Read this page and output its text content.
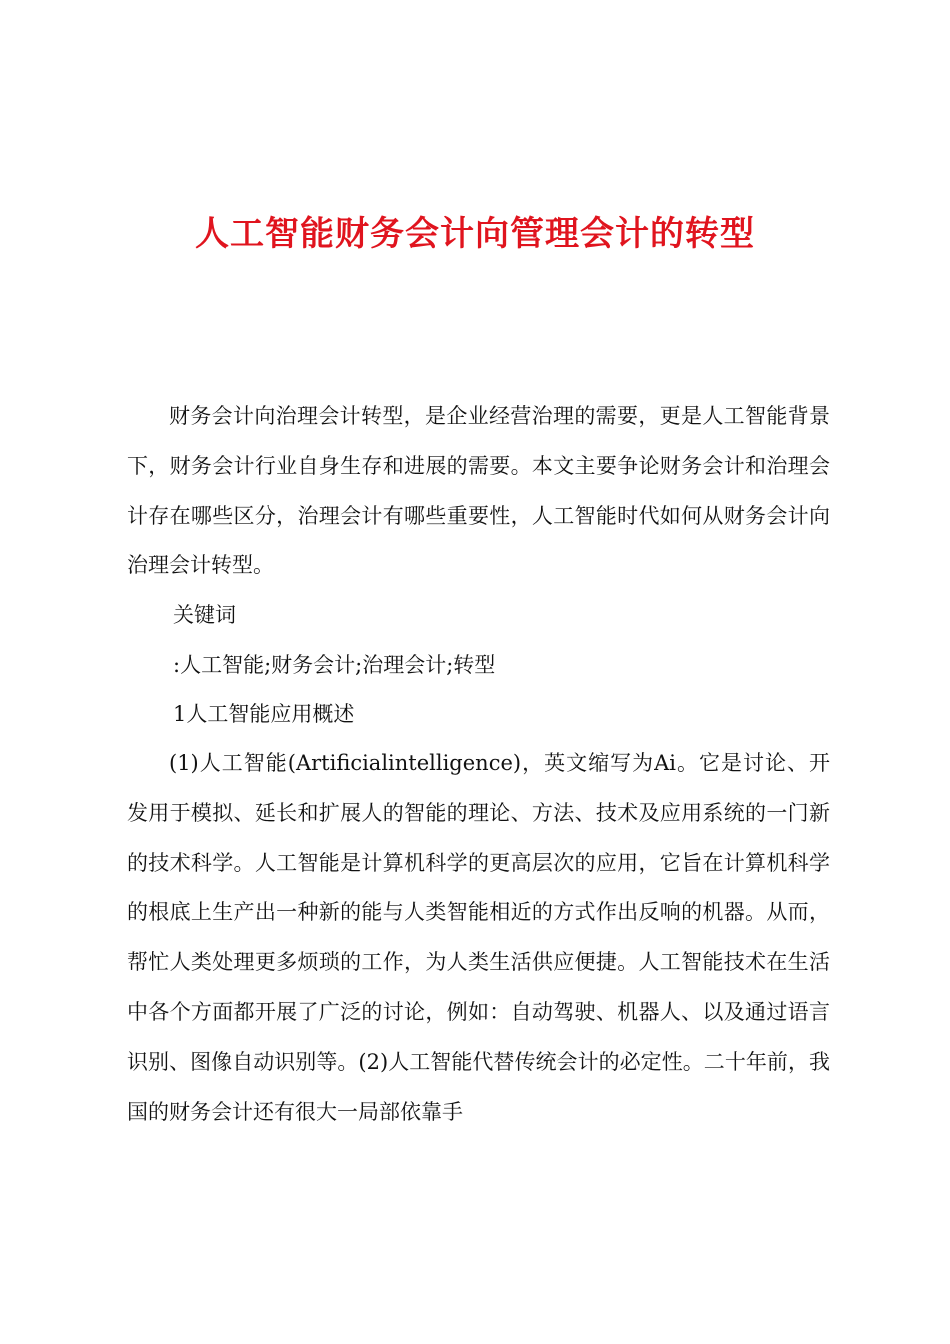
人工智能财务会计向管理会计的转型

财务会计向治理会计转型，是企业经营治理的需要，更是人工智能背景下，财务会计行业自身生存和进展的需要。本文主要争论财务会计和治理会计存在哪些区分，治理会计有哪些重要性，人工智能时代如何从财务会计向治理会计转型。

关键词

:人工智能;财务会计;治理会计;转型

1人工智能应用概述

(1)人工智能(Artificialintelligence)，英文缩写为Ai。它是讨论、开发用于模拟、延长和扩展人的智能的理论、方法、技术及应用系统的一门新的技术科学。人工智能是计算机科学的更高层次的应用，它旨在计算机科学的根底上生产出一种新的能与人类智能相近的方式作出反响的机器。从而，帮忙人类处理更多烦琐的工作，为人类生活供应便捷。人工智能技术在生活中各个方面都开展了广泛的讨论，例如：自动驾驶、机器人、以及通过语言识别、图像自动识别等。(2)人工智能代替传统会计的必定性。二十年前，我国的财务会计还有很大一局部依靠手
